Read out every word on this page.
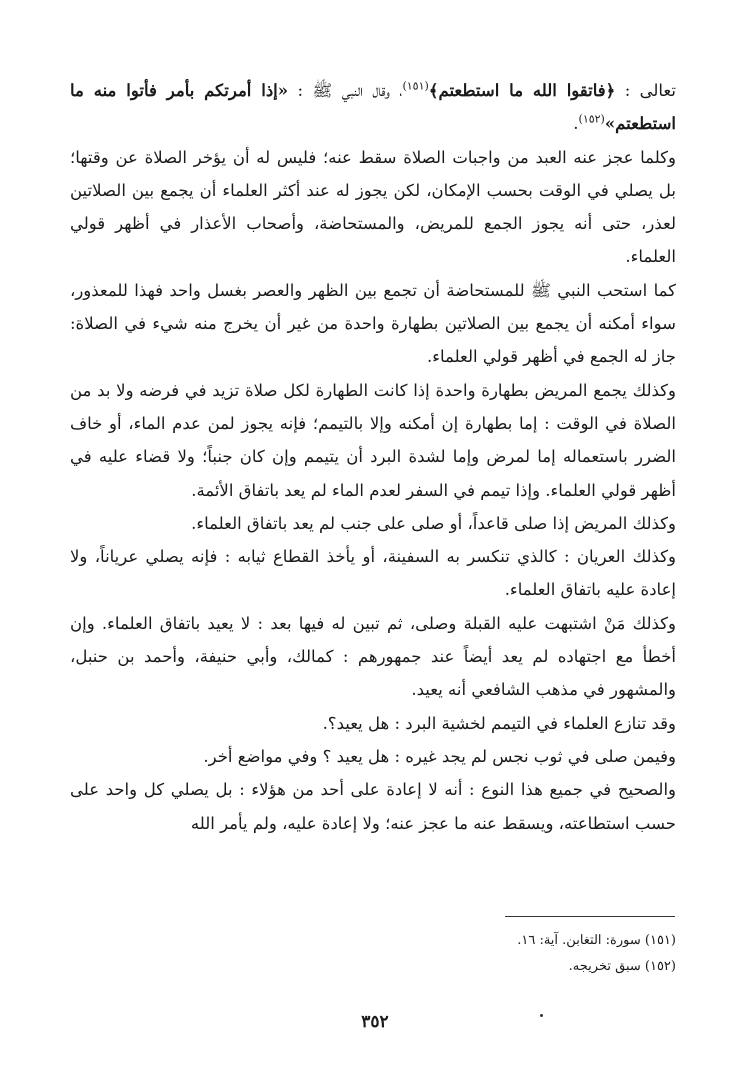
تعالى : ﴿فاتقوا الله ما استطعتم﴾$^{(١٥١)}$، وقال النبي ﷺ : «إذا أمرتكم بأمر فأتوا منه ما استطعتم»$^{(١٥٢)}$.

وكلما عجز عنه العبد من واجبات الصلاة سقط عنه؛ فليس له أن يؤخر الصلاة عن وقتها؛ بل يصلي في الوقت بحسب الإمكان، لكن يجوز له عند أكثر العلماء أن يجمع بين الصلاتين لعذر، حتى أنه يجوز الجمع للمريض، والمستحاضة، وأصحاب الأعذار في أظهر قولي العلماء.

كما استحب النبي ﷺ للمستحاضة أن تجمع بين الظهر والعصر بغسل واحد فهذا للمعذور، سواء أمكنه أن يجمع بين الصلاتين بطهارة واحدة من غير أن يخرج منه شيء في الصلاة: جاز له الجمع في أظهر قولي العلماء.

وكذلك يجمع المريض بطهارة واحدة إذا كانت الطهارة لكل صلاة تزيد في فرضه ولا بد من الصلاة في الوقت : إما بطهارة إن أمكنه وإلا بالتيمم؛ فإنه يجوز لمن عدم الماء، أو خاف الضرر باستعماله إما لمرض وإما لشدة البرد أن يتيمم وإن كان جنباً؛ ولا قضاء عليه في أظهر قولي العلماء. وإذا تيمم في السفر لعدم الماء لم يعد باتفاق الأئمة.

وكذلك المريض إذا صلى قاعداً، أو صلى على جنب لم يعد باتفاق العلماء.

وكذلك العريان : كالذي تنكسر به السفينة، أو يأخذ القطاع ثيابه : فإنه يصلي عرياناً، ولا إعادة عليه باتفاق العلماء.

وكذلك مَنْ اشتبهت عليه القبلة وصلى، ثم تبين له فيها بعد : لا يعيد باتفاق العلماء. وإن أخطأ مع اجتهاده لم يعد أيضاً عند جمهورهم : كمالك، وأبي حنيفة، وأحمد بن حنبل، والمشهور في مذهب الشافعي أنه يعيد.

وقد تنازع العلماء في التيمم لخشية البرد : هل يعيد؟.

وفيمن صلى في ثوب نجس لم يجد غيره : هل يعيد ؟ وفي مواضع أخر.

والصحيح في جميع هذا النوع : أنه لا إعادة على أحد من هؤلاء : بل يصلي كل واحد على حسب استطاعته، ويسقط عنه ما عجز عنه؛ ولا إعادة عليه، ولم يأمر الله

(١٥١) سورة: التغابن. آية: ١٦.
(١٥٢) سبق تخريجه.
٣٥٢
